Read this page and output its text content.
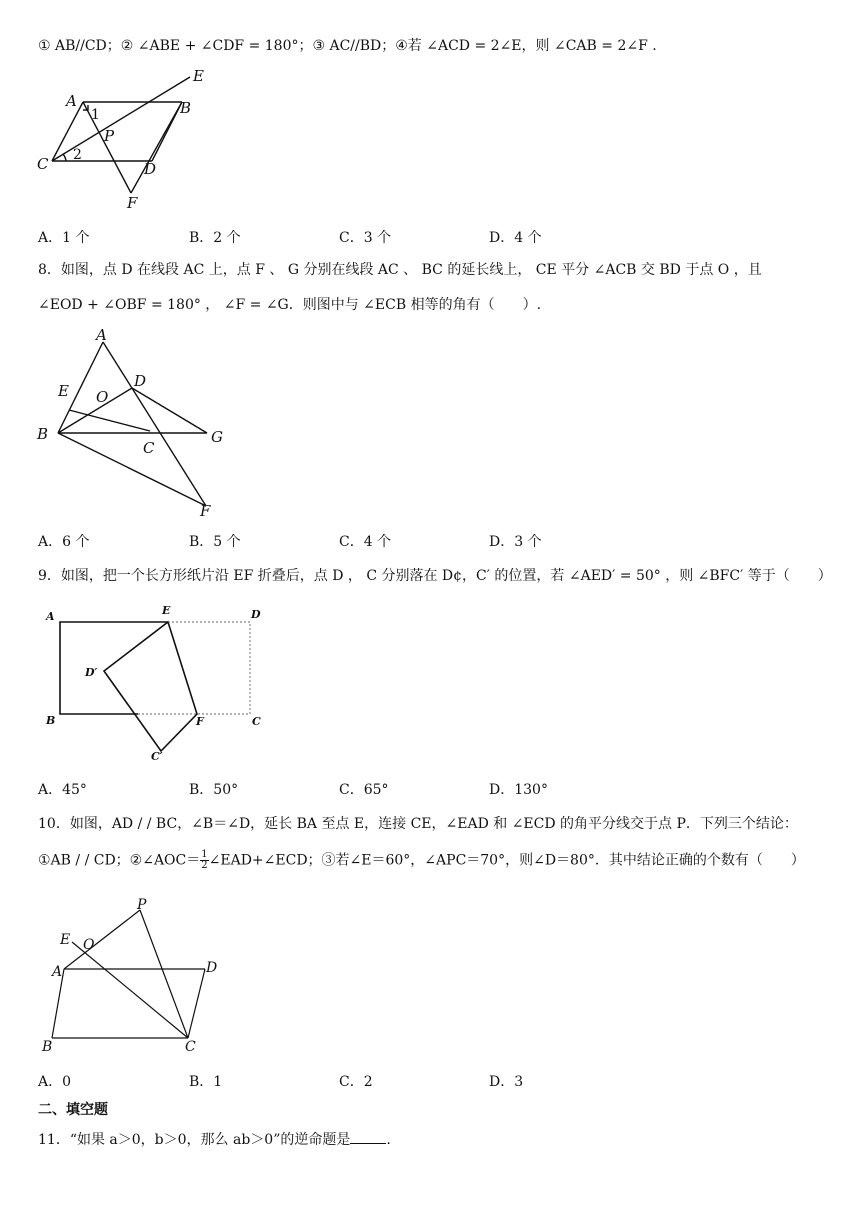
① AB//CD；② ∠ABE + ∠CDF = 180°；③ AC//BD；④若 ∠ACD = 2∠E，则 ∠CAB = 2∠F .
E
A	B
1
P
2
C	D
F
A．1 个	B．2 个	C．3 个	D．4 个
8．如图，点 D 在线段 AC 上，点 F 、 G 分别在线段 AC 、 BC 的延长线上， CE 平分 ∠ACB 交 BD 于点 O ，且
∠EOD + ∠OBF = 180° ， ∠F = ∠G．则图中与 ∠ECB 相等的角有（　　）.
A
E O
D
B
C
G
F
A．6 个	B．5 个	C．4 个	D．3 个
9．如图，把一个长方形纸片沿 EF 折叠后，点 D ， C 分别落在 D¢，C′ 的位置，若 ∠AED′ = 50° ，则 ∠BFC′ 等于（　　）
A	E	D
D′
B	F	C
C′
A．45°	B．50°	C．65°	D．130°
10．如图，AD / / BC，∠B＝∠D，延长 BA 至点 E，连接 CE，∠EAD 和 ∠ECD 的角平分线交于点 P．下列三个结论：
①AB / / CD；②∠AOC＝ $\frac{1}{2}$ ∠EAD+∠ECD；③若∠E＝60°，∠APC＝70°，则∠D＝80°．其中结论正确的个数有（　　）
P
E O
A	D
B	C
A．0	B．1	C．2	D．3
二、填空题
11．“如果 a＞0，b＞0，那么 ab＞0”的逆命题是	.
